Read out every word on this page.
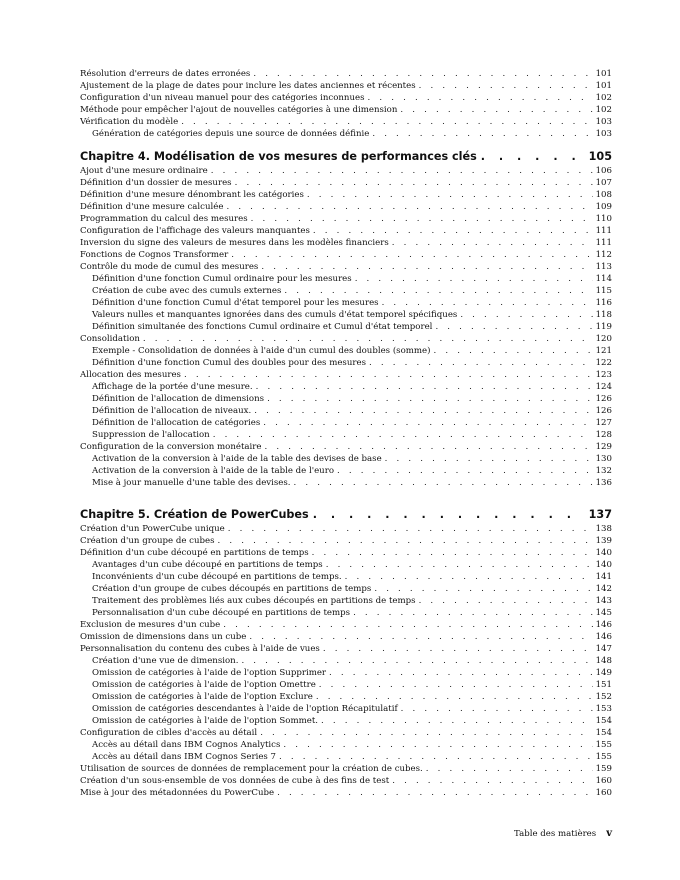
Résolution d'erreurs de dates erronées . . .	101
Ajustement de la plage de dates pour inclure les dates anciennes et récentes . . .	101
Configuration d'un niveau manuel pour des catégories inconnues . . .	102
Méthode pour empêcher l'ajout de nouvelles catégories à une dimension . . .	102
Vérification du modèle . . .	103
Génération de catégories depuis une source de données définie . . .	103
Chapitre 4. Modélisation de vos mesures de performances clés . . .	105
Ajout d'une mesure ordinaire . . .	106
Définition d'un dossier de mesures . . .	107
Définition d'une mesure dénombrant les catégories . . .	108
Définition d'une mesure calculée . . .	109
Programmation du calcul des mesures . . .	110
Configuration de l'affichage des valeurs manquantes . . .	111
Inversion du signe des valeurs de mesures dans les modèles financiers . . .	111
Fonctions de Cognos Transformer . . .	112
Contrôle du mode de cumul des mesures . . .	113
Définition d'une fonction Cumul ordinaire pour les mesures . . .	114
Création de cube avec des cumuls externes . . .	115
Définition d'une fonction Cumul d'état temporel pour les mesures . . .	116
Valeurs nulles et manquantes ignorées dans des cumuls d'état temporel spécifiques . . .	118
Définition simultanée des fonctions Cumul ordinaire et Cumul d'état temporel . . .	119
Consolidation . . .	120
Exemple - Consolidation de données à l'aide d'un cumul des doubles (somme) . . .	121
Définition d'une fonction Cumul des doubles pour des mesures . . .	122
Allocation des mesures . . .	123
Affichage de la portée d'une mesure. . . .	124
Définition de l'allocation de dimensions . . .	126
Définition de l'allocation de niveaux. . . .	126
Définition de l'allocation de catégories . . .	127
Suppression de l'allocation . . .	128
Configuration de la conversion monétaire . . .	129
Activation de la conversion à l'aide de la table des devises de base . . .	130
Activation de la conversion à l'aide de la table de l'euro . . .	132
Mise à jour manuelle d'une table des devises. . . .	136
Chapitre 5. Création de PowerCubes . . .	137
Création d'un PowerCube unique . . .	138
Création d'un groupe de cubes . . .	139
Définition d'un cube découpé en partitions de temps . . .	140
Avantages d'un cube découpé en partitions de temps . . .	140
Inconvénients d'un cube découpé en partitions de temps. . . .	141
Création d'un groupe de cubes découpés en partitions de temps . . .	142
Traitement des problèmes liés aux cubes découpés en partitions de temps . . .	143
Personnalisation d'un cube découpé en partitions de temps . . .	145
Exclusion de mesures d'un cube . . .	146
Omission de dimensions dans un cube . . .	146
Personnalisation du contenu des cubes à l'aide de vues . . .	147
Création d'une vue de dimension. . . .	148
Omission de catégories à l'aide de l'option Supprimer . . .	149
Omission de catégories à l'aide de l'option Omettre . . .	151
Omission de catégories à l'aide de l'option Exclure . . .	152
Omission de catégories descendantes à l'aide de l'option Récapitulatif . . .	153
Omission de catégories à l'aide de l'option Sommet. . . .	154
Configuration de cibles d'accès au détail . . .	154
Accès au détail dans IBM Cognos Analytics . . .	155
Accès au détail dans IBM Cognos Series 7 . . .	155
Utilisation de sources de données de remplacement pour la création de cubes. . . .	159
Création d'un sous-ensemble de vos données de cube à des fins de test . . .	160
Mise à jour des métadonnées du PowerCube . . .	160
Table des matières v
